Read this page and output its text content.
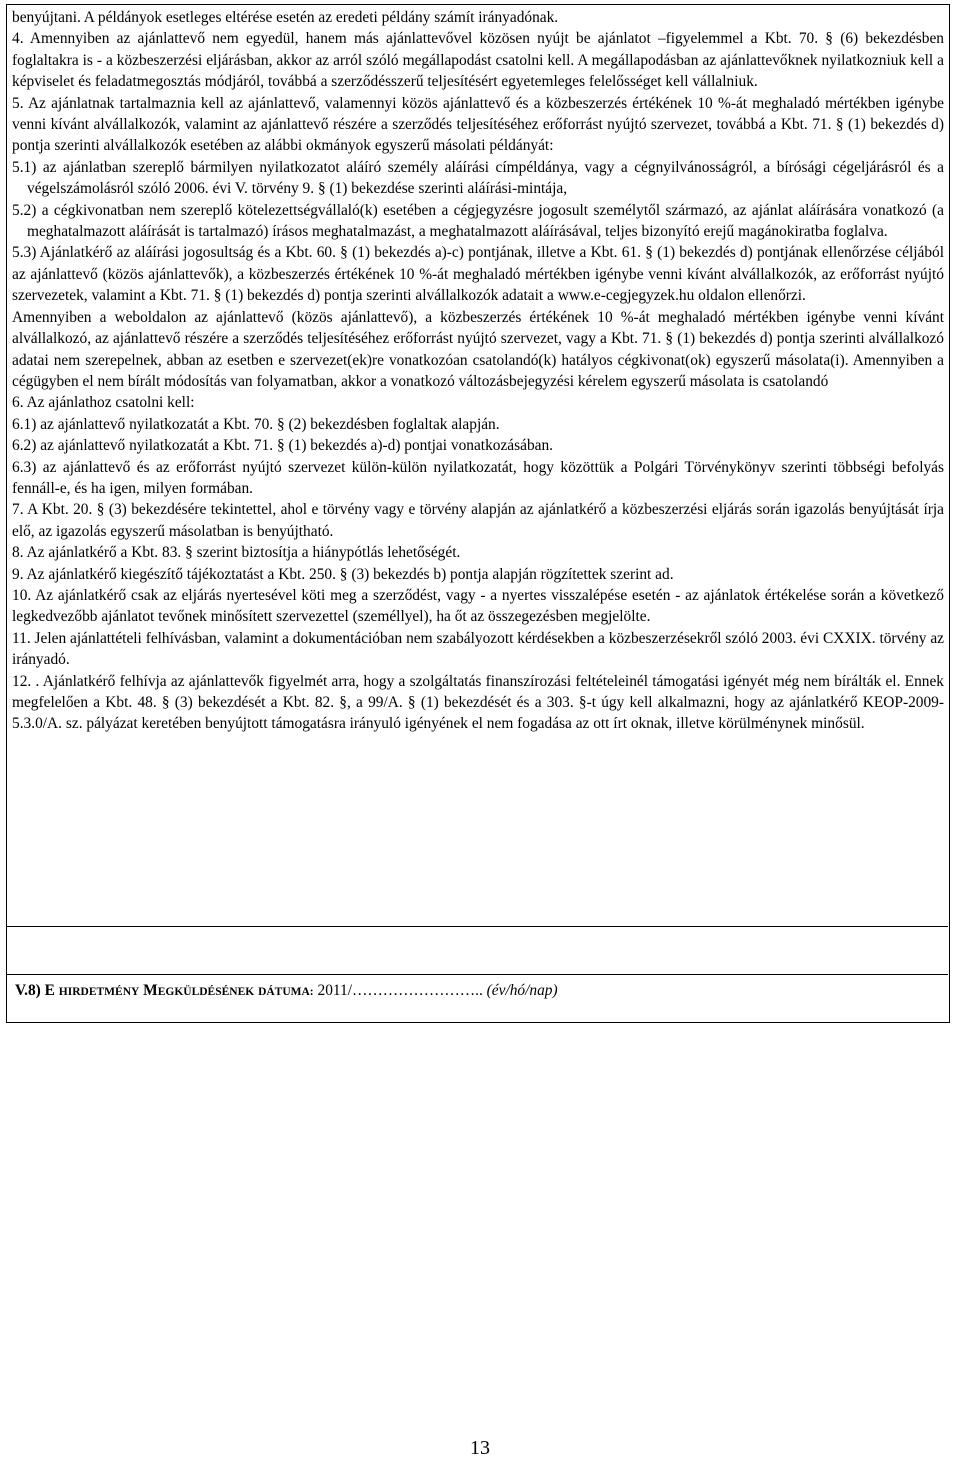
benyújtani. A példányok esetleges eltérése esetén az eredeti példány számít irányadónak.

4. Amennyiben az ajánlattevő nem egyedül, hanem más ajánlattevővel közösen nyújt be ajánlatot –figyelemmel a Kbt. 70. § (6) bekezdésben foglaltakra is - a közbeszerzési eljárásban, akkor az arról szóló megállapodást csatolni kell. A megállapodásban az ajánlattevőknek nyilatkozniuk kell a képviselet és feladatmegosztás módjáról, továbbá a szerződésszerű teljesítésért egyetemleges felelősséget kell vállalniuk.

5. Az ajánlatnak tartalmaznia kell az ajánlattevő, valamennyi közös ajánlattevő és a közbeszerzés értékének 10 %-át meghaladó mértékben igénybe venni kívánt alvállalkozók, valamint az ajánlattevő részére a szerződés teljesítéséhez erőforrást nyújtó szervezet, továbbá a Kbt. 71. § (1) bekezdés d) pontja szerinti alvállalkozók esetében az alábbi okmányok egyszerű másolati példányát:

5.1) az ajánlatban szereplő bármilyen nyilatkozatot aláíró személy aláírási címpéldánya, vagy a cégnyilvánosságról, a bírósági cégeljárásról és a végelszámolásról szóló 2006. évi V. törvény 9. § (1) bekezdése szerinti aláírási-mintája,

5.2) a cégkivonatban nem szereplő kötelezettségvállaló(k) esetében a cégjegyzésre jogosult személytől származó, az ajánlat aláírására vonatkozó (a meghatalmazott aláírását is tartalmazó) írásos meghatalmazást, a meghatalmazott aláírásával, teljes bizonyító erejű magánokiratba foglalva.

5.3) Ajánlatkérő az aláírási jogosultság és a Kbt. 60. § (1) bekezdés a)-c) pontjának, illetve a Kbt. 61. § (1) bekezdés d) pontjának ellenőrzése céljából az ajánlattevő (közös ajánlattevők), a közbeszerzés értékének 10 %-át meghaladó mértékben igénybe venni kívánt alvállalkozók, az erőforrást nyújtó szervezetek, valamint a Kbt. 71. § (1) bekezdés d) pontja szerinti alvállalkozók adatait a www.e-cegjegyzek.hu oldalon ellenőrzi.

Amennyiben a weboldalon az ajánlattevő (közös ajánlattevő), a közbeszerzés értékének 10 %-át meghaladó mértékben igénybe venni kívánt alvállalkozó, az ajánlattevő részére a szerződés teljesítéséhez erőforrást nyújtó szervezet, vagy a Kbt. 71. § (1) bekezdés d) pontja szerinti alvállalkozó adatai nem szerepelnek, abban az esetben e szervezet(ek)re vonatkozóan csatolandó(k) hatályos cégkivonat(ok) egyszerű másolata(i). Amennyiben a cégügyben el nem bírált módosítás van folyamatban, akkor a vonatkozó változásbejegyzési kérelem egyszerű másolata is csatolandó

6. Az ajánlathoz csatolni kell:

6.1) az ajánlattevő nyilatkozatát a Kbt. 70. § (2) bekezdésben foglaltak alapján.

6.2) az ajánlattevő nyilatkozatát a Kbt. 71. § (1) bekezdés a)-d) pontjai vonatkozásában.

6.3) az ajánlattevő és az erőforrást nyújtó szervezet külön-külön nyilatkozatát, hogy közöttük a Polgári Törvénykönyv szerinti többségi befolyás fennáll-e, és ha igen, milyen formában.

7. A Kbt. 20. § (3) bekezdésére tekintettel, ahol e törvény vagy e törvény alapján az ajánlatkérő a közbeszerzési eljárás során igazolás benyújtását írja elő, az igazolás egyszerű másolatban is benyújtható.

8. Az ajánlatkérő a Kbt. 83. § szerint biztosítja a hiánypótlás lehetőségét.

9. Az ajánlatkérő kiegészítő tájékoztatást a Kbt. 250. § (3) bekezdés b) pontja alapján rögzítettek szerint ad.

10. Az ajánlatkérő csak az eljárás nyertesével köti meg a szerződést, vagy - a nyertes visszalépése esetén - az ajánlatok értékelése során a következő legkedvezőbb ajánlatot tevőnek minősített szervezettel (személlyel), ha őt az összegezésben megjelölte.

11. Jelen ajánlattételi felhívásban, valamint a dokumentációban nem szabályozott kérdésekben a közbeszerzésekről szóló 2003. évi CXXIX. törvény az irányadó.

12. . Ajánlatkérő felhívja az ajánlattevők figyelmét arra, hogy a szolgáltatás finanszírozási feltételeinél támogatási igényét még nem bírálták el. Ennek megfelelően a Kbt. 48. § (3) bekezdését a Kbt. 82. §, a 99/A. § (1) bekezdését és a 303. §-t úgy kell alkalmazni, hogy az ajánlatkérő KEOP-2009-5.3.0/A. sz. pályázat keretében benyújtott támogatásra irányuló igényének el nem fogadása az ott írt oknak, illetve körülménynek minősül.

V.8) E HIRDETMÉNY MEGKÜLDÉSÉNEK DÁTUMA: 2011/…………………….. (év/hó/nap)
13
